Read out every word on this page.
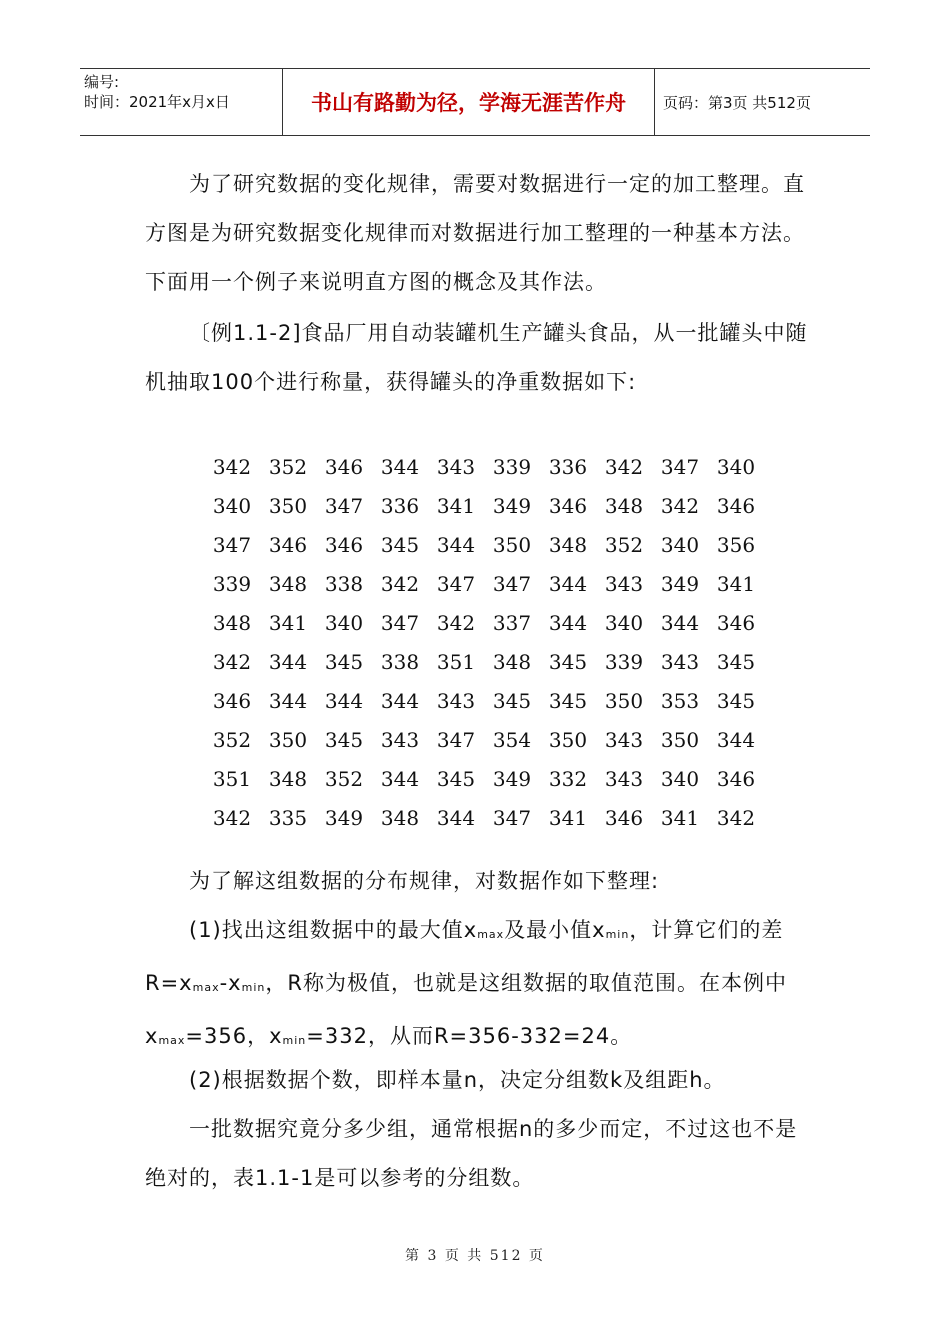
编号:
时间：2021年x月x日	书山有路勤为径，学海无涯苦作舟	页码：第3页 共512页
为了研究数据的变化规律，需要对数据进行一定的加工整理。直方图是为研究数据变化规律而对数据进行加工整理的一种基本方法。下面用一个例子来说明直方图的概念及其作法。
〔例1.1-2]食品厂用自动装罐机生产罐头食品，从一批罐头中随机抽取100个进行称量，获得罐头的净重数据如下:
342 352 346 344 343 339 336 342 347 340
340 350 347 336 341 349 346 348 342 346
347 346 346 345 344 350 348 352 340 356
339 348 338 342 347 347 344 343 349 341
348 341 340 347 342 337 344 340 344 346
342 344 345 338 351 348 345 339 343 345
346 344 344 344 343 345 345 350 353 345
352 350 345 343 347 354 350 343 350 344
351 348 352 344 345 349 332 343 340 346
342 335 349 348 344 347 341 346 341 342
为了解这组数据的分布规律，对数据作如下整理:
(1)找出这组数据中的最大值$x_{max}$及最小值$x_{min}$，计算它们的差$R=x_{max}-x_{min}$，R称为极值，也就是这组数据的取值范围。在本例中$x_{max}=356$，$x_{min}=332$，从而R=356-332=24。
(2)根据数据个数，即样本量n，决定分组数k及组距h。
一批数据究竟分多少组，通常根据n的多少而定，不过这也不是绝对的，表1.1-1是可以参考的分组数。
第 3 页 共 512 页
